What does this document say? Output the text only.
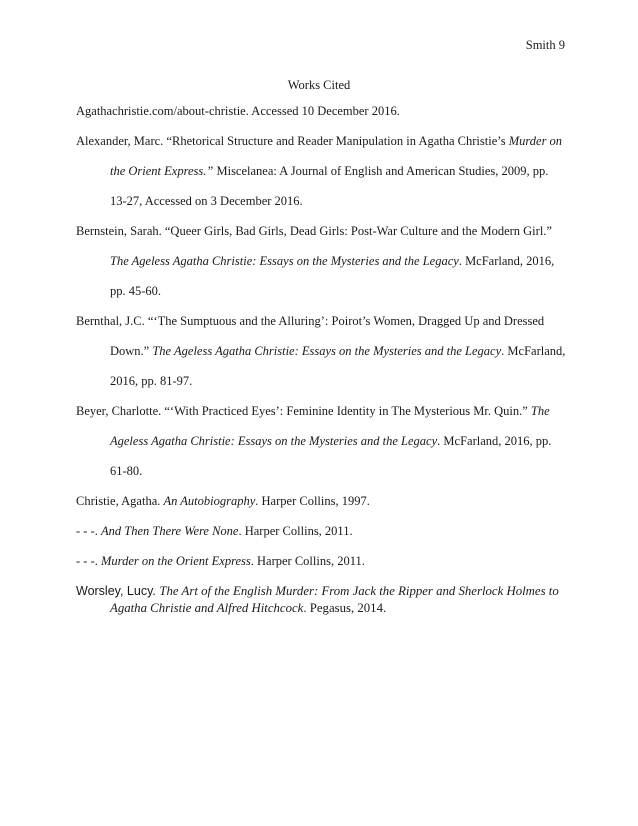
Smith 9
Works Cited

Agathachristie.com/about-christie. Accessed 10 December 2016.

Alexander, Marc. “Rhetorical Structure and Reader Manipulation in Agatha Christie’s Murder on the Orient Express.” Miscelanea: A Journal of English and American Studies, 2009, pp. 13-27, Accessed on 3 December 2016.

Bernstein, Sarah. “Queer Girls, Bad Girls, Dead Girls: Post-War Culture and the Modern Girl.” The Ageless Agatha Christie: Essays on the Mysteries and the Legacy. McFarland, 2016, pp. 45-60.

Bernthal, J.C. “‘The Sumptuous and the Alluring’: Poirot’s Women, Dragged Up and Dressed Down.” The Ageless Agatha Christie: Essays on the Mysteries and the Legacy. McFarland, 2016, pp. 81-97.

Beyer, Charlotte. “‘With Practiced Eyes’: Feminine Identity in The Mysterious Mr. Quin.” The Ageless Agatha Christie: Essays on the Mysteries and the Legacy. McFarland, 2016, pp. 61-80.

Christie, Agatha. An Autobiography. Harper Collins, 1997.

- - -. And Then There Were None. Harper Collins, 2011.

- - -. Murder on the Orient Express. Harper Collins, 2011.

Worsley, Lucy. The Art of the English Murder: From Jack the Ripper and Sherlock Holmes to Agatha Christie and Alfred Hitchcock. Pegasus, 2014.
